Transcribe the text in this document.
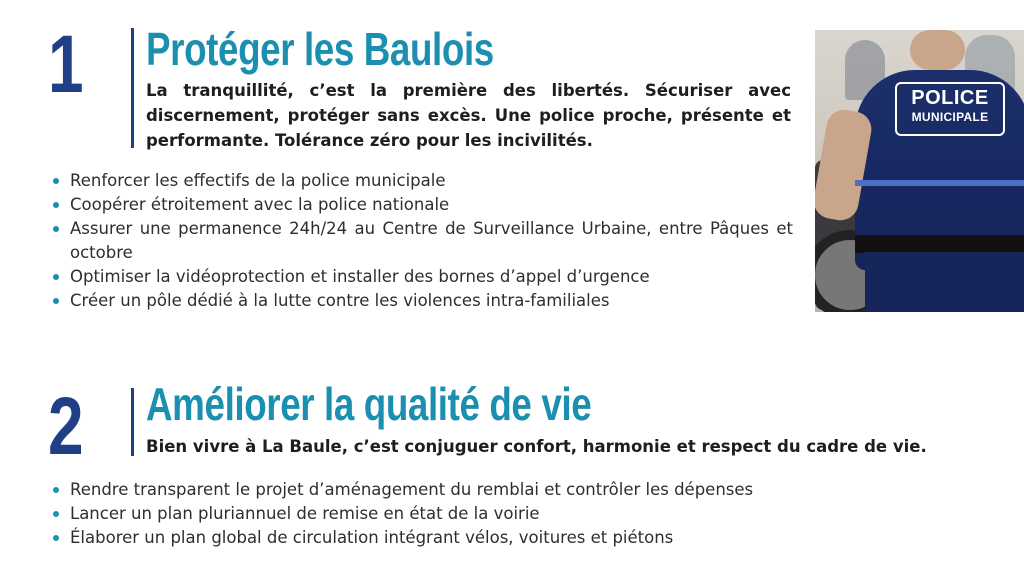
1 Protéger les Baulois
La tranquillité, c’est la première des libertés. Sécuriser avec discernement, protéger sans excès. Une police proche, présente et performante. Tolérance zéro pour les incivilités.
Renforcer les effectifs de la police municipale
Coopérer étroitement avec la police nationale
Assurer une permanence 24h/24 au Centre de Surveillance Urbaine, entre Pâques et octobre
Optimiser la vidéoprotection et installer des bornes d’appel d’urgence
Créer un pôle dédié à la lutte contre les violences intra-familiales
POLICE
MUNICIPALE
2 Améliorer la qualité de vie
Bien vivre à La Baule, c’est conjuguer confort, harmonie et respect du cadre de vie.
Rendre transparent le projet d’aménagement du remblai et contrôler les dépenses
Lancer un plan pluriannuel de remise en état de la voirie
Élaborer un plan global de circulation intégrant vélos, voitures et piétons
